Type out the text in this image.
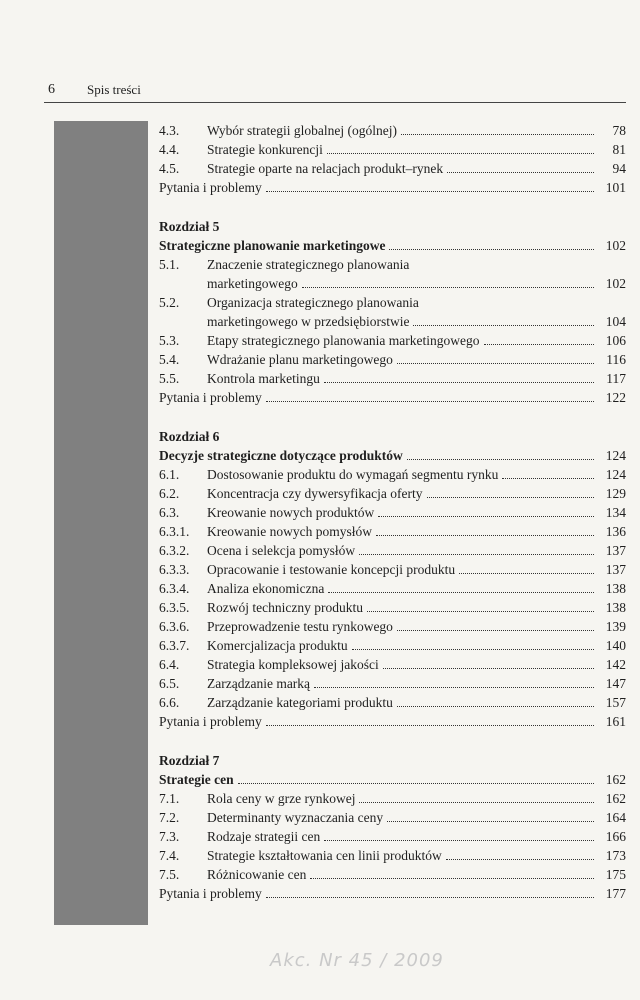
6 Spis treści
4.3. Wybór strategii globalnej (ogólnej)	78
4.4. Strategie konkurencji	81
4.5. Strategie oparte na relacjach produkt–rynek	94
Pytania i problemy	101
Rozdział 5
Strategiczne planowanie marketingowe	102
5.1. Znaczenie strategicznego planowania
marketingowego	102
5.2. Organizacja strategicznego planowania
marketingowego w przedsiębiorstwie	104
5.3. Etapy strategicznego planowania marketingowego	106
5.4. Wdrażanie planu marketingowego	116
5.5. Kontrola marketingu	117
Pytania i problemy	122
Rozdział 6
Decyzje strategiczne dotyczące produktów	124
6.1. Dostosowanie produktu do wymagań segmentu rynku	124
6.2. Koncentracja czy dywersyfikacja oferty	129
6.3. Kreowanie nowych produktów	134
6.3.1. Kreowanie nowych pomysłów	136
6.3.2. Ocena i selekcja pomysłów	137
6.3.3. Opracowanie i testowanie koncepcji produktu	137
6.3.4. Analiza ekonomiczna	138
6.3.5. Rozwój techniczny produktu	138
6.3.6. Przeprowadzenie testu rynkowego	139
6.3.7. Komercjalizacja produktu	140
6.4. Strategia kompleksowej jakości	142
6.5. Zarządzanie marką	147
6.6. Zarządzanie kategoriami produktu	157
Pytania i problemy	161
Rozdział 7
Strategie cen	162
7.1. Rola ceny w grze rynkowej	162
7.2. Determinanty wyznaczania ceny	164
7.3. Rodzaje strategii cen	166
7.4. Strategie kształtowania cen linii produktów	173
7.5. Różnicowanie cen	175
Pytania i problemy	177
Akc. Nr 45 / 2009
